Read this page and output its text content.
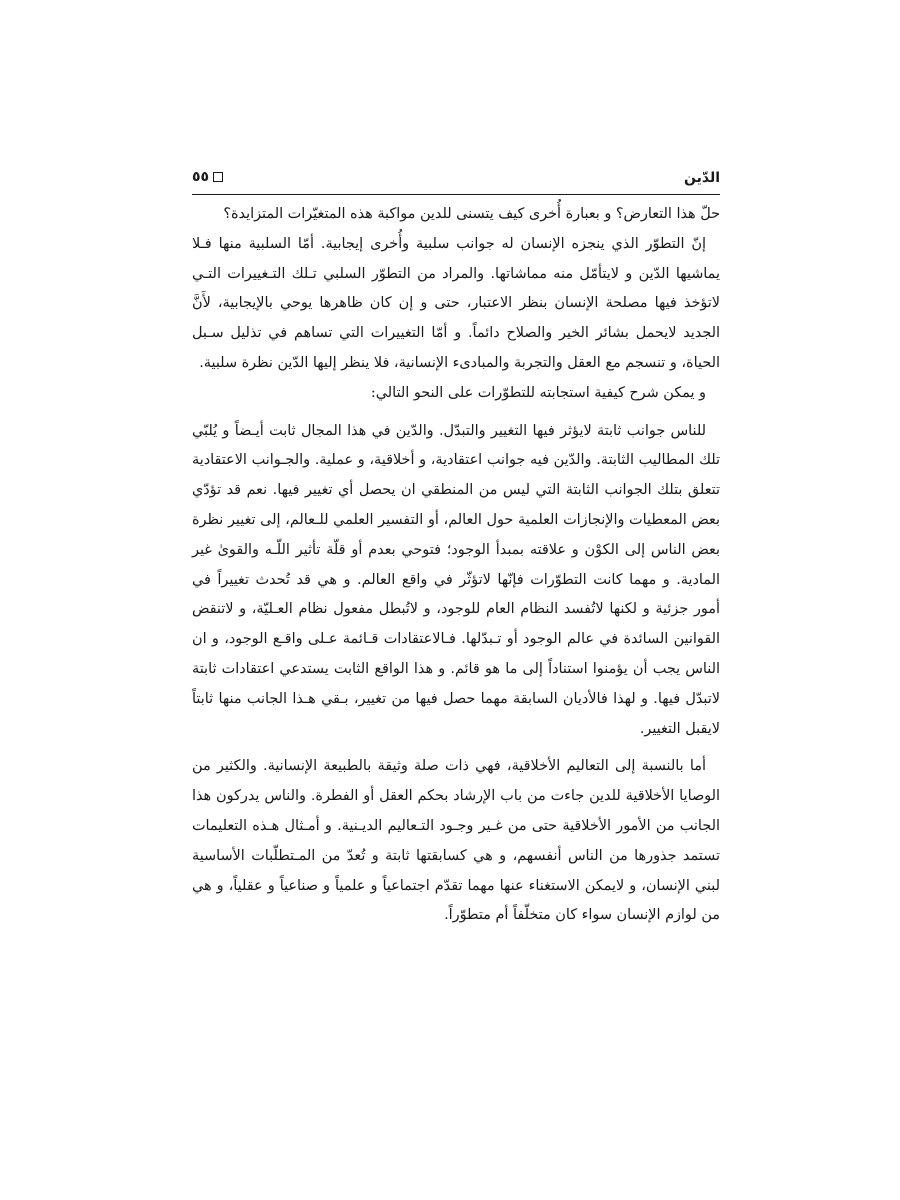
الدّين
٥٥

حلّ هذا التعارض؟ و بعبارة أُخرى كيف يتسنى للدين مواكبة هذه المتغيّرات المتزايدة؟

إنّ التطوّر الذي ينجزه الإنسان له جوانب سلبية وأُخرى إيجابية. أمّا السلبية منها فـلا يماشيها الدّين و لايتأمّل منه مماشاتها. والمراد من التطوّر السلبي تـلك التـغييرات التـي لاتؤخذ فيها مصلحة الإنسان بنظر الاعتبار، حتى و إن كان ظاهرها يوحي بالإيجابية، لأَنَّ الجديد لايحمل بشائر الخير والصلاح دائماً. و أمّا التغييرات التي تساهم في تذليل سـبل الحياة، و تنسجم مع العقل والتجربة والمبادىء الإنسانية، فلا ينظر إليها الدّين نظرة سلبية.

و يمكن شرح كيفية استجابته للتطوّرات على النحو التالي:

للناس جوانب ثابتة لايؤثر فيها التغيير والتبدّل. والدّين في هذا المجال ثابت أيـضاً و يُلبّي تلك المطاليب الثابتة. والدّين فيه جوانب اعتقادية، و أخلاقية، و عملية. والجـوانب الاعتقادية تتعلق بتلك الجوانب الثابتة التي ليس من المنطقي ان يحصل أي تغيير فيها. نعم قد تؤدّي بعض المعطيات والإنجازات العلمية حول العالم، أو التفسير العلمي للـعالم، إلى تغيير نظرة بعض الناس إلى الكوْن و علاقته بمبدأ الوجود؛ فتوحي بعدم أو قلّة تأثير اللّـه والقوىٰ غير المادية. و مهما كانت التطوّرات فإنّها لاتؤثّر في واقع العالم. و هي قد تُحدث تغييراً في أمور جزئية و لكنها لاتُفسد النظام العام للوجود، و لاتُبطل مفعول نظام العـليّة، و لاتنقض القوانين السائدة في عالم الوجود أو تـبدّلها. فـالاعتقادات قـائمة عـلى واقـع الوجود، و ان الناس يجب أن يؤمنوا استناداً إلى ما هو قائم. و هذا الواقع الثابت يستدعي اعتقادات ثابتة لاتبدّل فيها. و لهذا فالأديان السابقة مهما حصل فيها من تغيير، بـقي هـذا الجانب منها ثابتاً لايقبل التغيير.

أما بالنسبة إلى التعاليم الأخلاقية، فهي ذات صلة وثيقة بالطبيعة الإنسانية. والكثير من الوصايا الأخلاقية للدين جاءت من باب الإرشاد بحكم العقل أو الفطرة. والناس يدركون هذا الجانب من الأمور الأخلاقية حتى من غـير وجـود التـعاليم الديـنية. و أمـثال هـذه التعليمات تستمد جذورها من الناس أنفسهم، و هي كسابقتها ثابتة و تُعدّ من المـتطلّبات الأساسية لبني الإنسان، و لايمكن الاستغناء عنها مهما تقدّم اجتماعياً و علمياً و صناعياً و عقلياً، و هي من لوازم الإنسان سواء كان متخلّفاً أم متطوّراً.
